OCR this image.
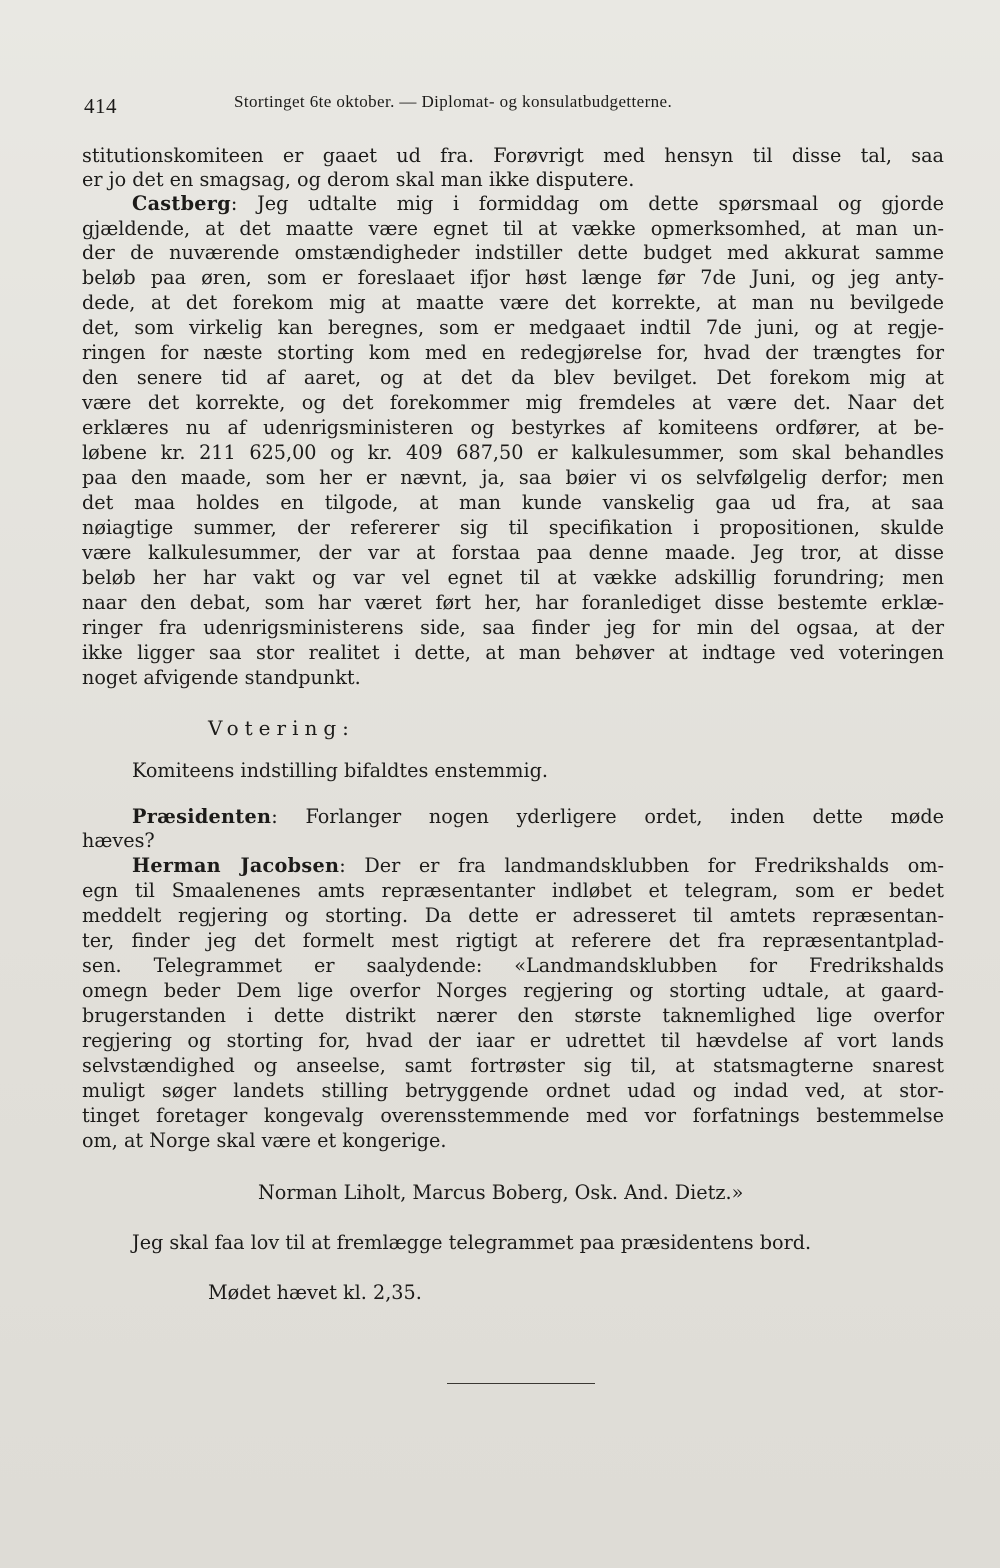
414	Stortinget 6te oktober. — Diplomat- og konsulatbudgetterne.
stitutionskomiteen er gaaet ud fra. Forøvrigt med hensyn til disse tal, saa
er jo det en smagsag, og derom skal man ikke disputere.
Castberg: Jeg udtalte mig i formiddag om dette spørsmaal og gjorde
gjældende, at det maatte være egnet til at vække opmerksomhed, at man un-
der de nuværende omstændigheder indstiller dette budget med akkurat samme
beløb paa øren, som er foreslaaet ifjor høst længe før 7de Juni, og jeg anty-
dede, at det forekom mig at maatte være det korrekte, at man nu bevilgede
det, som virkelig kan beregnes, som er medgaaet indtil 7de juni, og at regje-
ringen for næste storting kom med en redegjørelse for, hvad der trængtes for
den senere tid af aaret, og at det da blev bevilget. Det forekom mig at
være det korrekte, og det forekommer mig fremdeles at være det. Naar det
erklæres nu af udenrigsministeren og bestyrkes af komiteens ordfører, at be-
løbene kr. 211 625,00 og kr. 409 687,50 er kalkulesummer, som skal behandles
paa den maade, som her er nævnt, ja, saa bøier vi os selvfølgelig derfor; men
det maa holdes en tilgode, at man kunde vanskelig gaa ud fra, at saa
nøiagtige summer, der refererer sig til specifikation i propositionen, skulde
være kalkulesummer, der var at forstaa paa denne maade. Jeg tror, at disse
beløb her har vakt og var vel egnet til at vække adskillig forundring; men
naar den debat, som har været ført her, har foranlediget disse bestemte erklæ-
ringer fra udenrigsministerens side, saa finder jeg for min del ogsaa, at der
ikke ligger saa stor realitet i dette, at man behøver at indtage ved voteringen
noget afvigende standpunkt.
Votering:
Komiteens indstilling bifaldtes enstemmig.
Præsidenten: Forlanger nogen yderligere ordet, inden dette møde
hæves?
Herman Jacobsen: Der er fra landmandsklubben for Fredrikshalds om-
egn til Smaalenenes amts repræsentanter indløbet et telegram, som er bedet
meddelt regjering og storting. Da dette er adresseret til amtets repræsentan-
ter, finder jeg det formelt mest rigtigt at referere det fra repræsentantplad-
sen. Telegrammet er saalydende: «Landmandsklubben for Fredrikshalds
omegn beder Dem lige overfor Norges regjering og storting udtale, at gaard-
brugerstanden i dette distrikt nærer den største taknemlighed lige overfor
regjering og storting for, hvad der iaar er udrettet til hævdelse af vort lands
selvstændighed og anseelse, samt fortrøster sig til, at statsmagterne snarest
muligt søger landets stilling betryggende ordnet udad og indad ved, at stor-
tinget foretager kongevalg overensstemmende med vor forfatnings bestemmelse
om, at Norge skal være et kongerige.
Norman Liholt, Marcus Boberg, Osk. And. Dietz.»
Jeg skal faa lov til at fremlægge telegrammet paa præsidentens bord.
Mødet hævet kl. 2,35.
